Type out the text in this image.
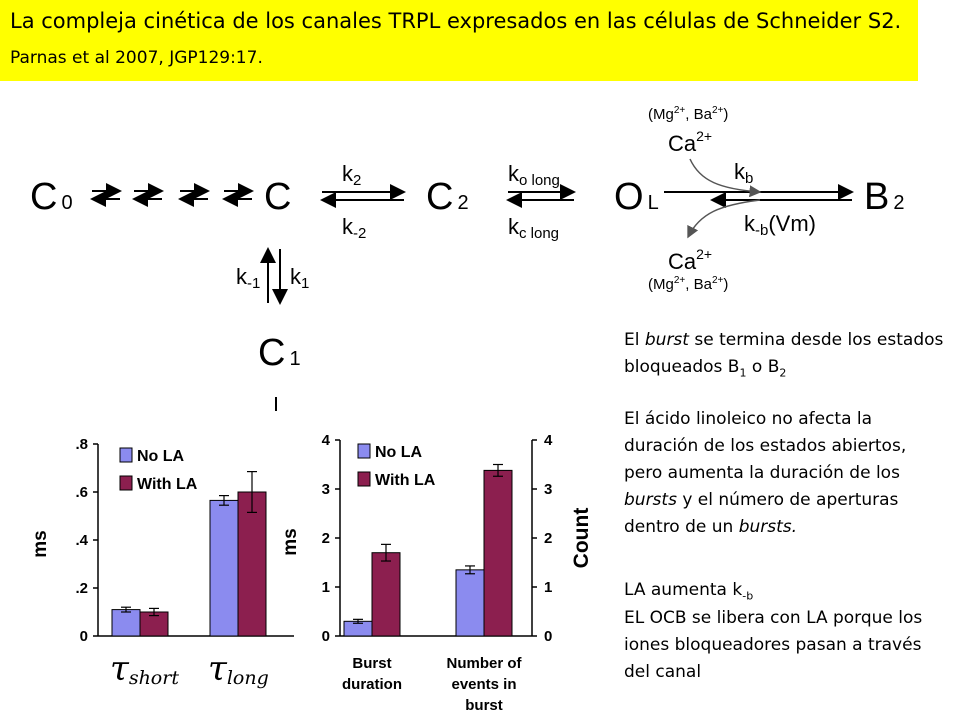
La compleja cinética de los canales TRPL expresados en las células de Schneider S2.
Parnas et al 2007, JGP129:17.
C 0	C
k2
k-2
C 2
ko long
kc long
O L
($Mg^{2+}$, $Ba^{2+}$)
$Ca^{2+}$
kb
k-b(Vm)
$Ca^{2+}$
($Mg^{2+}$, $Ba^{2+}$)
B 2
k-1 k1
C 1
0
.2
.4
.6
.8
ms
No LA
With LA
τshort τlong
0
1
2
3
4
0
1
2
3
4
Count
ms
No LA
With LA
Burst
duration
Number of
events in
burst
El burst se termina desde los estados bloqueados $B_1$ o $B_2$
El ácido linoleico no afecta la duración de los estados abiertos, pero aumenta la duración de los bursts y el número de aperturas dentro de un bursts.
LA aumenta $k_{-b}$
EL OCB se libera con LA porque los iones bloqueadores pasan a través del canal
